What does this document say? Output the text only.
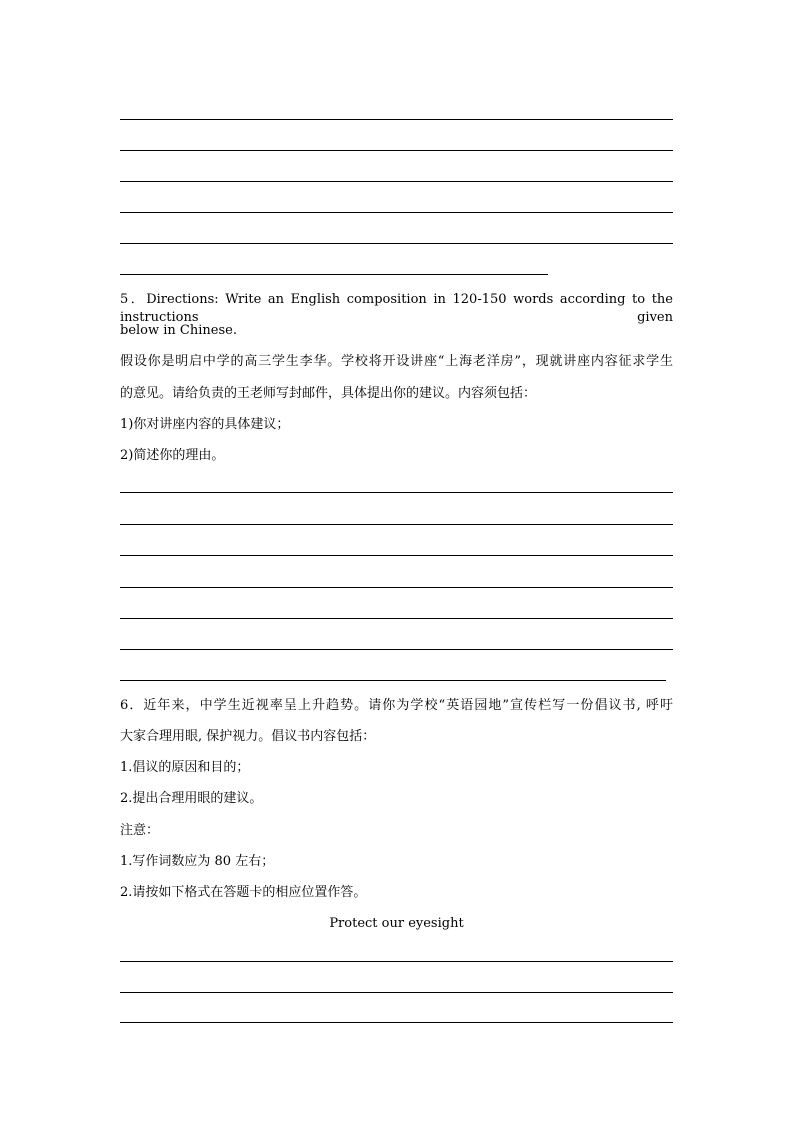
5．Directions: Write an English composition in 120-150 words according to the instructions given
below in Chinese.
假设你是明启中学的高三学生李华。学校将开设讲座“上海老洋房”，现就讲座内容征求学生
的意见。请给负责的王老师写封邮件，具体提出你的建议。内容须包括：
1)你对讲座内容的具体建议；
2)简述你的理由。
6．近年来，中学生近视率呈上升趋势。请你为学校“英语园地”宣传栏写一份倡议书, 呼吁
大家合理用眼, 保护视力。倡议书内容包括：
1.倡议的原因和目的；
2.提出合理用眼的建议。
注意：
1.写作词数应为 80 左右；
2.请按如下格式在答题卡的相应位置作答。
Protect our eyesight
